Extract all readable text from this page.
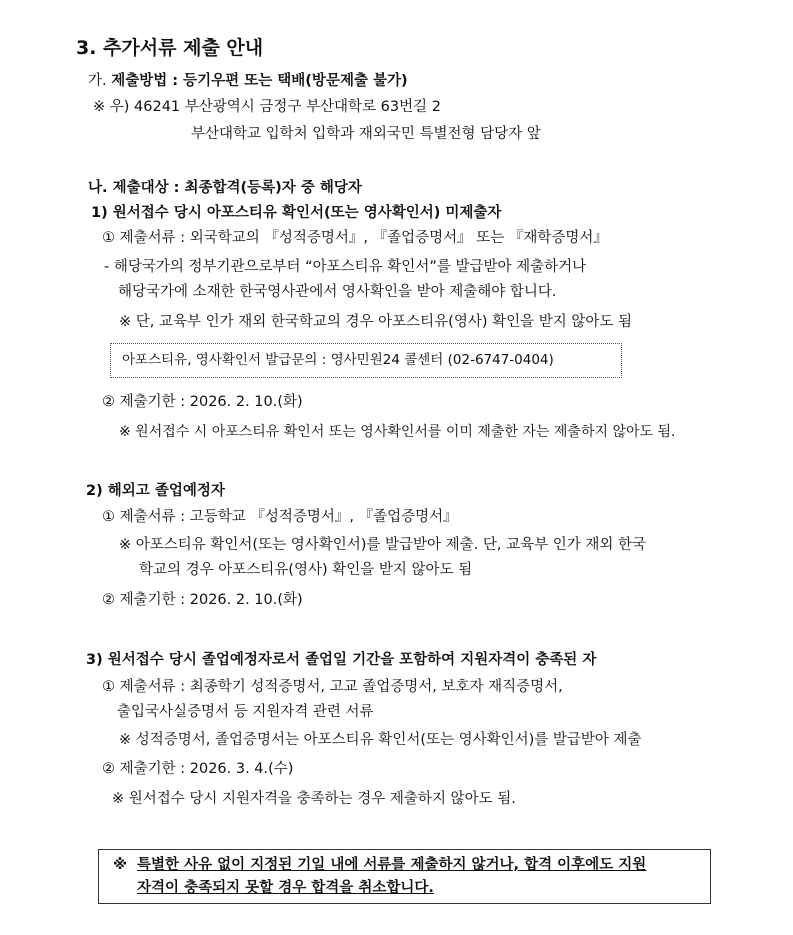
3. 추가서류 제출 안내
가. 제출방법 : 등기우편 또는 택배(방문제출 불가)
※ 우) 46241 부산광역시 금정구 부산대학로 63번길 2
부산대학교 입학처 입학과 재외국민 특별전형 담당자 앞
나. 제출대상 : 최종합격(등록)자 중 해당자
1) 원서접수 당시 아포스티유 확인서(또는 영사확인서) 미제출자
① 제출서류 : 외국학교의 『성적증명서』, 『졸업증명서』 또는 『재학증명서』
- 해당국가의 정부기관으로부터 “아포스티유 확인서”를 발급받아 제출하거나
해당국가에 소재한 한국영사관에서 영사확인을 받아 제출해야 합니다.
※ 단, 교육부 인가 재외 한국학교의 경우 아포스티유(영사) 확인을 받지 않아도 됨
아포스티유, 영사확인서 발급문의 : 영사민원24 콜센터 (02-6747-0404)
② 제출기한 : 2026. 2. 10.(화)
※ 원서접수 시 아포스티유 확인서 또는 영사확인서를 이미 제출한 자는 제출하지 않아도 됨.
2) 해외고 졸업예정자
① 제출서류 : 고등학교 『성적증명서』, 『졸업증명서』
※ 아포스티유 확인서(또는 영사확인서)를 발급받아 제출. 단, 교육부 인가 재외 한국
학교의 경우 아포스티유(영사) 확인을 받지 않아도 됨
② 제출기한 : 2026. 2. 10.(화)
3) 원서접수 당시 졸업예정자로서 졸업일 기간을 포함하여 지원자격이 충족된 자
① 제출서류 : 최종학기 성적증명서, 고교 졸업증명서, 보호자 재직증명서,
출입국사실증명서 등 지원자격 관련 서류
※ 성적증명서, 졸업증명서는 아포스티유 확인서(또는 영사확인서)를 발급받아 제출
② 제출기한 : 2026. 3. 4.(수)
※ 원서접수 당시 지원자격을 충족하는 경우 제출하지 않아도 됨.
※ 특별한 사유 없이 지정된 기일 내에 서류를 제출하지 않거나, 합격 이후에도 지원
자격이 충족되지 못할 경우 합격을 취소합니다.
